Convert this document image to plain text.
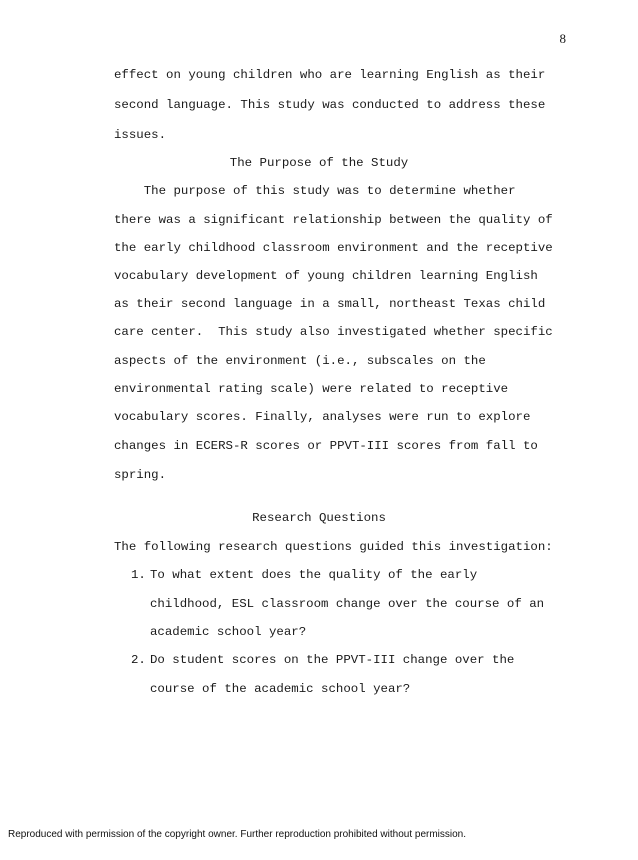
8
effect on young children who are learning English as their
second language. This study was conducted to address these
issues.
The Purpose of the Study
The purpose of this study was to determine whether
there was a significant relationship between the quality of
the early childhood classroom environment and the receptive
vocabulary development of young children learning English
as their second language in a small, northeast Texas child
care center.  This study also investigated whether specific
aspects of the environment (i.e., subscales on the
environmental rating scale) were related to receptive
vocabulary scores. Finally, analyses were run to explore
changes in ECERS-R scores or PPVT-III scores from fall to
spring.
Research Questions
The following research questions guided this investigation:
1. To what extent does the quality of the early
childhood, ESL classroom change over the course of an
academic school year?
2. Do student scores on the PPVT-III change over the
course of the academic school year?
Reproduced with permission of the copyright owner. Further reproduction prohibited without permission.
